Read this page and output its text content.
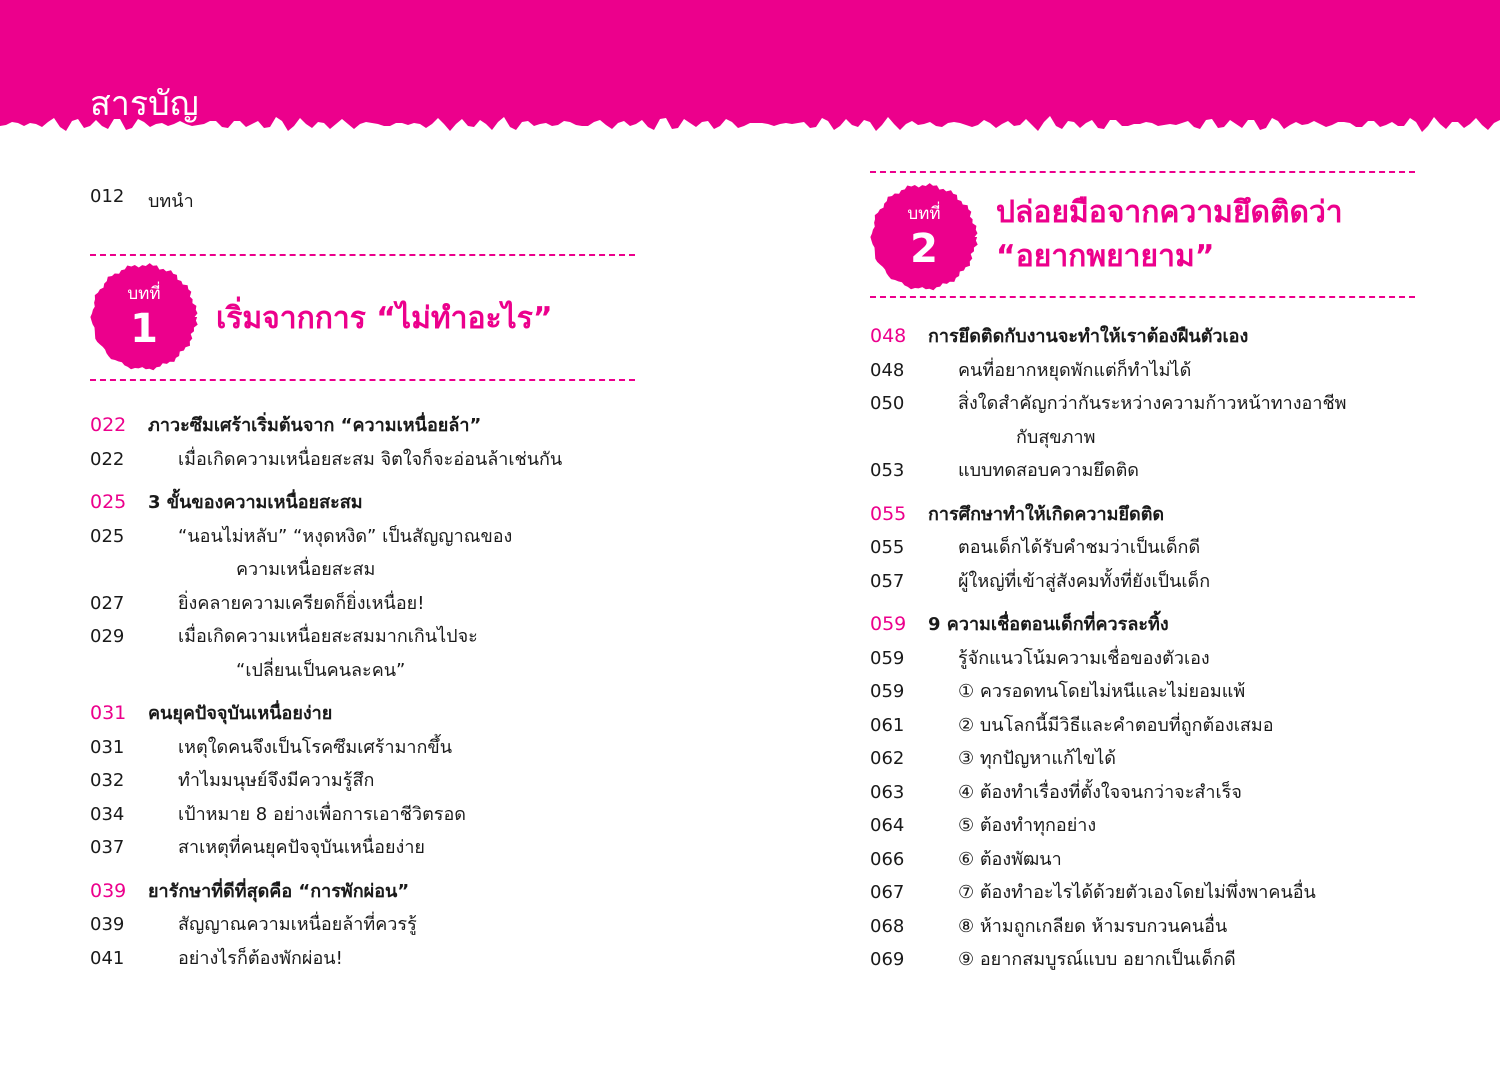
สารบัญ
012	บทนำ
บทที่
1	เริ่มจากการ “ไม่ทำอะไร”
022	ภาวะซึมเศร้าเริ่มต้นจาก “ความเหนื่อยล้า”
022	เมื่อเกิดความเหนื่อยสะสม จิตใจก็จะอ่อนล้าเช่นกัน
025	3 ขั้นของความเหนื่อยสะสม
025	“นอนไม่หลับ” “หงุดหงิด” เป็นสัญญาณของ
ความเหนื่อยสะสม
027	ยิ่งคลายความเครียดก็ยิ่งเหนื่อย!
029	เมื่อเกิดความเหนื่อยสะสมมากเกินไปจะ
“เปลี่ยนเป็นคนละคน”
031	คนยุคปัจจุบันเหนื่อยง่าย
031	เหตุใดคนจึงเป็นโรคซึมเศร้ามากขึ้น
032	ทำไมมนุษย์จึงมีความรู้สึก
034	เป้าหมาย 8 อย่างเพื่อการเอาชีวิตรอด
037	สาเหตุที่คนยุคปัจจุบันเหนื่อยง่าย
039	ยารักษาที่ดีที่สุดคือ “การพักผ่อน”
039	สัญญาณความเหนื่อยล้าที่ควรรู้
041	อย่างไรก็ต้องพักผ่อน!
บทที่
2
ปล่อยมือจากความยึดติดว่า
“อยากพยายาม”
048	การยึดติดกับงานจะทำให้เราต้องฝืนตัวเอง
048	คนที่อยากหยุดพักแต่ก็ทำไม่ได้
050	สิ่งใดสำคัญกว่ากันระหว่างความก้าวหน้าทางอาชีพ
กับสุขภาพ
053	แบบทดสอบความยึดติด
055	การศึกษาทำให้เกิดความยึดติด
055	ตอนเด็กได้รับคำชมว่าเป็นเด็กดี
057	ผู้ใหญ่ที่เข้าสู่สังคมทั้งที่ยังเป็นเด็ก
059	9 ความเชื่อตอนเด็กที่ควรละทิ้ง
059	รู้จักแนวโน้มความเชื่อของตัวเอง
059	① ควรอดทนโดยไม่หนีและไม่ยอมแพ้
061	② บนโลกนี้มีวิธีและคำตอบที่ถูกต้องเสมอ
062	③ ทุกปัญหาแก้ไขได้
063	④ ต้องทำเรื่องที่ตั้งใจจนกว่าจะสำเร็จ
064	⑤ ต้องทำทุกอย่าง
066	⑥ ต้องพัฒนา
067	⑦ ต้องทำอะไรได้ด้วยตัวเองโดยไม่พึ่งพาคนอื่น
068	⑧ ห้ามถูกเกลียด ห้ามรบกวนคนอื่น
069	⑨ อยากสมบูรณ์แบบ อยากเป็นเด็กดี
